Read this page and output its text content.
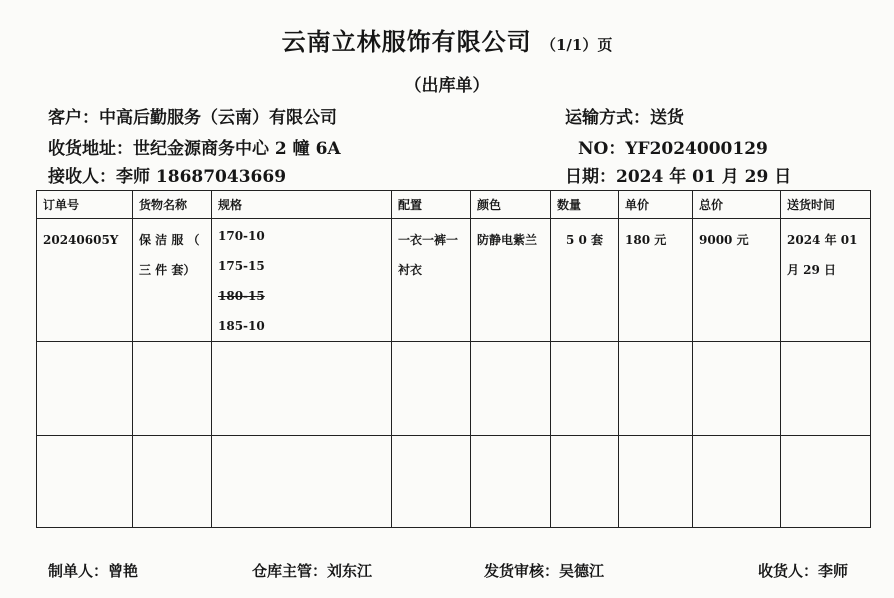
云南立林服饰有限公司 （1/1）页
（出库单）
客户：中高后勤服务（云南）有限公司	运输方式：送货
收货地址：世纪金源商务中心 2 幢 6A	NO：YF2024000129
接收人：李师 18687043669	日期：2024 年 01 月 29 日
订单号	货物名称	规格	配置	颜色	数量	单价	总价	送货时间
20240605Y	保 洁 服 （ 三 件 套）	170-10
175-15
180-15
185-10	一衣一裤一衬衣	防静电紫兰	5 0 套	180 元	9000 元	2024 年 01 月 29 日

制单人：曾艳	仓库主管：刘东江	发货审核：吴德江	收货人：李师
